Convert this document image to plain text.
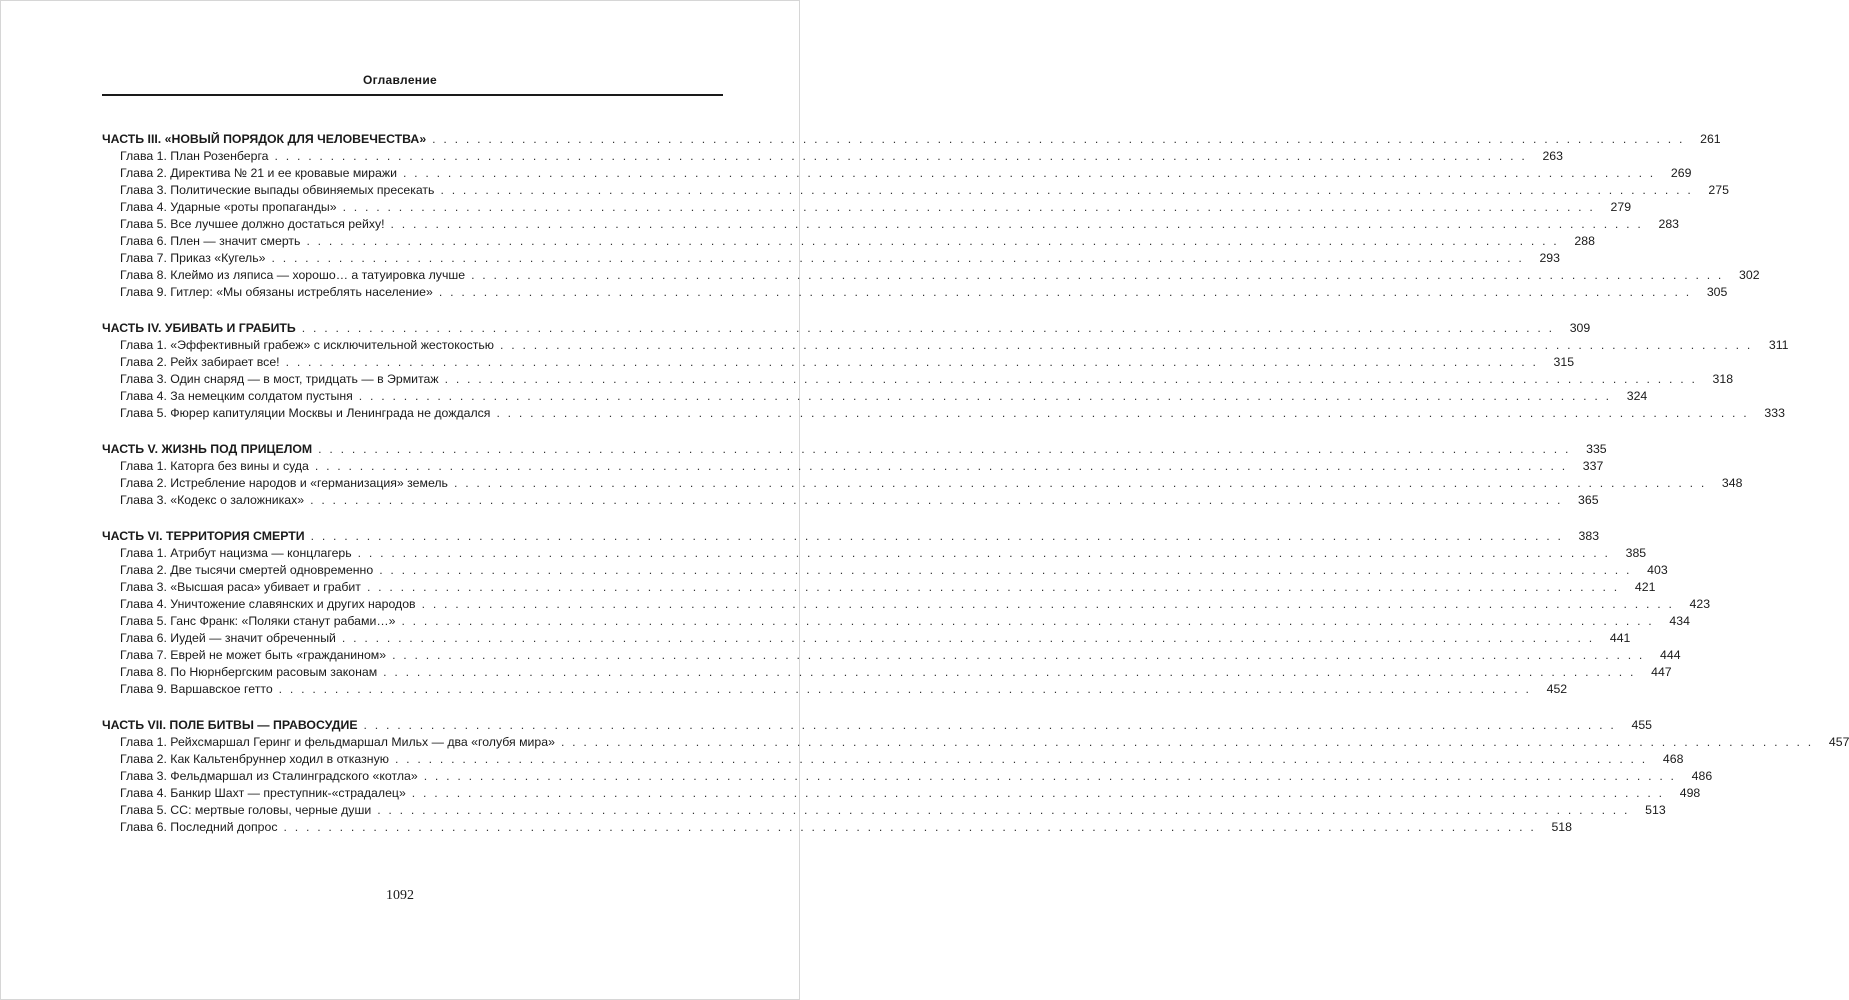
Оглавление
ЧАСТЬ III. «НОВЫЙ ПОРЯДОК ДЛЯ ЧЕЛОВЕЧЕСТВА» . . . . . . . . . . . . . . . . . . . . . . . . . . . . . . . . . . . . . . . . . . . . . . . . . . . . . . . . . . . . . . . . . . . . . . . . . . . . . . . . . . . . . . . . . . . . . . . . . . . . . . . . . . . . . . . .	261
Глава 1. План Розенберга . . . . . . . . . . . . . . . . . . . . . . . . . . . . . . . . . . . . . . . . . . . . . . . . . . . . . . . . . . . . . . . . . . . . . . . . . . . . . . . . . . . . . . . . . . . . . . . . . . . . . . . . . . . . . . . .	263
Глава 2. Директива № 21 и ее кровавые миражи . . . . . . . . . . . . . . . . . . . . . . . . . . . . . . . . . . . . . . . . . . . . . . . . . . . . . . . . . . . . . . . . . . . . . . . . . . . . . . . . . . . . . . . . . . . . . . . . . . . . . . . . . . . . . . . .	269
Глава 3. Политические выпады обвиняемых пресекать . . . . . . . . . . . . . . . . . . . . . . . . . . . . . . . . . . . . . . . . . . . . . . . . . . . . . . . . . . . . . . . . . . . . . . . . . . . . . . . . . . . . . . . . . . . . . . . . . . . . . . . . . . . . . . . .	275
Глава 4. Ударные «роты пропаганды» . . . . . . . . . . . . . . . . . . . . . . . . . . . . . . . . . . . . . . . . . . . . . . . . . . . . . . . . . . . . . . . . . . . . . . . . . . . . . . . . . . . . . . . . . . . . . . . . . . . . . . . . . . . . . . . .	279
Глава 5. Все лучшее должно достаться рейху! . . . . . . . . . . . . . . . . . . . . . . . . . . . . . . . . . . . . . . . . . . . . . . . . . . . . . . . . . . . . . . . . . . . . . . . . . . . . . . . . . . . . . . . . . . . . . . . . . . . . . . . . . . . . . . . .	283
Глава 6. Плен — значит смерть . . . . . . . . . . . . . . . . . . . . . . . . . . . . . . . . . . . . . . . . . . . . . . . . . . . . . . . . . . . . . . . . . . . . . . . . . . . . . . . . . . . . . . . . . . . . . . . . . . . . . . . . . . . . . . . .	288
Глава 7. Приказ «Кугель» . . . . . . . . . . . . . . . . . . . . . . . . . . . . . . . . . . . . . . . . . . . . . . . . . . . . . . . . . . . . . . . . . . . . . . . . . . . . . . . . . . . . . . . . . . . . . . . . . . . . . . . . . . . . . . . .	293
Глава 8. Клеймо из ляписа — хорошо… а татуировка лучше . . . . . . . . . . . . . . . . . . . . . . . . . . . . . . . . . . . . . . . . . . . . . . . . . . . . . . . . . . . . . . . . . . . . . . . . . . . . . . . . . . . . . . . . . . . . . . . . . . . . . . . . . . . . . . . .	302
Глава 9. Гитлер: «Мы обязаны истреблять население» . . . . . . . . . . . . . . . . . . . . . . . . . . . . . . . . . . . . . . . . . . . . . . . . . . . . . . . . . . . . . . . . . . . . . . . . . . . . . . . . . . . . . . . . . . . . . . . . . . . . . . . . . . . . . . . .	305
ЧАСТЬ IV. УБИВАТЬ И ГРАБИТЬ . . . . . . . . . . . . . . . . . . . . . . . . . . . . . . . . . . . . . . . . . . . . . . . . . . . . . . . . . . . . . . . . . . . . . . . . . . . . . . . . . . . . . . . . . . . . . . . . . . . . . . . . . . . . . . . .	309
Глава 1. «Эффективный грабеж» с исключительной жестокостью . . . . . . . . . . . . . . . . . . . . . . . . . . . . . . . . . . . . . . . . . . . . . . . . . . . . . . . . . . . . . . . . . . . . . . . . . . . . . . . . . . . . . . . . . . . . . . . . . . . . . . . . . . . . . . . .	311
Глава 2. Рейх забирает все! . . . . . . . . . . . . . . . . . . . . . . . . . . . . . . . . . . . . . . . . . . . . . . . . . . . . . . . . . . . . . . . . . . . . . . . . . . . . . . . . . . . . . . . . . . . . . . . . . . . . . . . . . . . . . . . .	315
Глава 3. Один снаряд — в мост, тридцать — в Эрмитаж . . . . . . . . . . . . . . . . . . . . . . . . . . . . . . . . . . . . . . . . . . . . . . . . . . . . . . . . . . . . . . . . . . . . . . . . . . . . . . . . . . . . . . . . . . . . . . . . . . . . . . . . . . . . . . . .	318
Глава 4. За немецким солдатом пустыня . . . . . . . . . . . . . . . . . . . . . . . . . . . . . . . . . . . . . . . . . . . . . . . . . . . . . . . . . . . . . . . . . . . . . . . . . . . . . . . . . . . . . . . . . . . . . . . . . . . . . . . . . . . . . . . .	324
Глава 5. Фюрер капитуляции Москвы и Ленинграда не дождался . . . . . . . . . . . . . . . . . . . . . . . . . . . . . . . . . . . . . . . . . . . . . . . . . . . . . . . . . . . . . . . . . . . . . . . . . . . . . . . . . . . . . . . . . . . . . . . . . . . . . . . . . . . . . . . .	333
ЧАСТЬ V. ЖИЗНЬ ПОД ПРИЦЕЛОМ . . . . . . . . . . . . . . . . . . . . . . . . . . . . . . . . . . . . . . . . . . . . . . . . . . . . . . . . . . . . . . . . . . . . . . . . . . . . . . . . . . . . . . . . . . . . . . . . . . . . . . . . . . . . . . . .	335
Глава 1. Каторга без вины и суда . . . . . . . . . . . . . . . . . . . . . . . . . . . . . . . . . . . . . . . . . . . . . . . . . . . . . . . . . . . . . . . . . . . . . . . . . . . . . . . . . . . . . . . . . . . . . . . . . . . . . . . . . . . . . . . .	337
Глава 2. Истребление народов и «германизация» земель . . . . . . . . . . . . . . . . . . . . . . . . . . . . . . . . . . . . . . . . . . . . . . . . . . . . . . . . . . . . . . . . . . . . . . . . . . . . . . . . . . . . . . . . . . . . . . . . . . . . . . . . . . . . . . . .	348
Глава 3. «Кодекс о заложниках» . . . . . . . . . . . . . . . . . . . . . . . . . . . . . . . . . . . . . . . . . . . . . . . . . . . . . . . . . . . . . . . . . . . . . . . . . . . . . . . . . . . . . . . . . . . . . . . . . . . . . . . . . . . . . . . .	365
ЧАСТЬ VI. ТЕРРИТОРИЯ СМЕРТИ . . . . . . . . . . . . . . . . . . . . . . . . . . . . . . . . . . . . . . . . . . . . . . . . . . . . . . . . . . . . . . . . . . . . . . . . . . . . . . . . . . . . . . . . . . . . . . . . . . . . . . . . . . . . . . . .	383
Глава 1. Атрибут нацизма — концлагерь . . . . . . . . . . . . . . . . . . . . . . . . . . . . . . . . . . . . . . . . . . . . . . . . . . . . . . . . . . . . . . . . . . . . . . . . . . . . . . . . . . . . . . . . . . . . . . . . . . . . . . . . . . . . . . . .	385
Глава 2. Две тысячи смертей одновременно . . . . . . . . . . . . . . . . . . . . . . . . . . . . . . . . . . . . . . . . . . . . . . . . . . . . . . . . . . . . . . . . . . . . . . . . . . . . . . . . . . . . . . . . . . . . . . . . . . . . . . . . . . . . . . . .	403
Глава 3. «Высшая раса» убивает и грабит . . . . . . . . . . . . . . . . . . . . . . . . . . . . . . . . . . . . . . . . . . . . . . . . . . . . . . . . . . . . . . . . . . . . . . . . . . . . . . . . . . . . . . . . . . . . . . . . . . . . . . . . . . . . . . . .	421
Глава 4. Уничтожение славянских и других народов . . . . . . . . . . . . . . . . . . . . . . . . . . . . . . . . . . . . . . . . . . . . . . . . . . . . . . . . . . . . . . . . . . . . . . . . . . . . . . . . . . . . . . . . . . . . . . . . . . . . . . . . . . . . . . . .	423
Глава 5. Ганс Франк: «Поляки станут рабами…» . . . . . . . . . . . . . . . . . . . . . . . . . . . . . . . . . . . . . . . . . . . . . . . . . . . . . . . . . . . . . . . . . . . . . . . . . . . . . . . . . . . . . . . . . . . . . . . . . . . . . . . . . . . . . . . .	434
Глава 6. Иудей — значит обреченный . . . . . . . . . . . . . . . . . . . . . . . . . . . . . . . . . . . . . . . . . . . . . . . . . . . . . . . . . . . . . . . . . . . . . . . . . . . . . . . . . . . . . . . . . . . . . . . . . . . . . . . . . . . . . . . .	441
Глава 7. Еврей не может быть «гражданином» . . . . . . . . . . . . . . . . . . . . . . . . . . . . . . . . . . . . . . . . . . . . . . . . . . . . . . . . . . . . . . . . . . . . . . . . . . . . . . . . . . . . . . . . . . . . . . . . . . . . . . . . . . . . . . . .	444
Глава 8. По Нюрнбергским расовым законам . . . . . . . . . . . . . . . . . . . . . . . . . . . . . . . . . . . . . . . . . . . . . . . . . . . . . . . . . . . . . . . . . . . . . . . . . . . . . . . . . . . . . . . . . . . . . . . . . . . . . . . . . . . . . . . .	447
Глава 9. Варшавское гетто . . . . . . . . . . . . . . . . . . . . . . . . . . . . . . . . . . . . . . . . . . . . . . . . . . . . . . . . . . . . . . . . . . . . . . . . . . . . . . . . . . . . . . . . . . . . . . . . . . . . . . . . . . . . . . . .	452
ЧАСТЬ VII. ПОЛЕ БИТВЫ — ПРАВОСУДИЕ . . . . . . . . . . . . . . . . . . . . . . . . . . . . . . . . . . . . . . . . . . . . . . . . . . . . . . . . . . . . . . . . . . . . . . . . . . . . . . . . . . . . . . . . . . . . . . . . . . . . . . . . . . . . . . . .	455
Глава 1. Рейхсмаршал Геринг и фельдмаршал Мильх — два «голубя мира» . . . . . . . . . . . . . . . . . . . . . . . . . . . . . . . . . . . . . . . . . . . . . . . . . . . . . . . . . . . . . . . . . . . . . . . . . . . . . . . . . . . . . . . . . . . . . . . . . . . . . . . . . . . . . . . .	457
Глава 2. Как Кальтенбруннер ходил в отказную . . . . . . . . . . . . . . . . . . . . . . . . . . . . . . . . . . . . . . . . . . . . . . . . . . . . . . . . . . . . . . . . . . . . . . . . . . . . . . . . . . . . . . . . . . . . . . . . . . . . . . . . . . . . . . . .	468
Глава 3. Фельдмаршал из Сталинградского «котла» . . . . . . . . . . . . . . . . . . . . . . . . . . . . . . . . . . . . . . . . . . . . . . . . . . . . . . . . . . . . . . . . . . . . . . . . . . . . . . . . . . . . . . . . . . . . . . . . . . . . . . . . . . . . . . . .	486
Глава 4. Банкир Шахт — преступник-«страдалец» . . . . . . . . . . . . . . . . . . . . . . . . . . . . . . . . . . . . . . . . . . . . . . . . . . . . . . . . . . . . . . . . . . . . . . . . . . . . . . . . . . . . . . . . . . . . . . . . . . . . . . . . . . . . . . . .	498
Глава 5. СС: мертвые головы, черные души . . . . . . . . . . . . . . . . . . . . . . . . . . . . . . . . . . . . . . . . . . . . . . . . . . . . . . . . . . . . . . . . . . . . . . . . . . . . . . . . . . . . . . . . . . . . . . . . . . . . . . . . . . . . . . . .	513
Глава 6. Последний допрос . . . . . . . . . . . . . . . . . . . . . . . . . . . . . . . . . . . . . . . . . . . . . . . . . . . . . . . . . . . . . . . . . . . . . . . . . . . . . . . . . . . . . . . . . . . . . . . . . . . . . . . . . . . . . . . .	518
1092
